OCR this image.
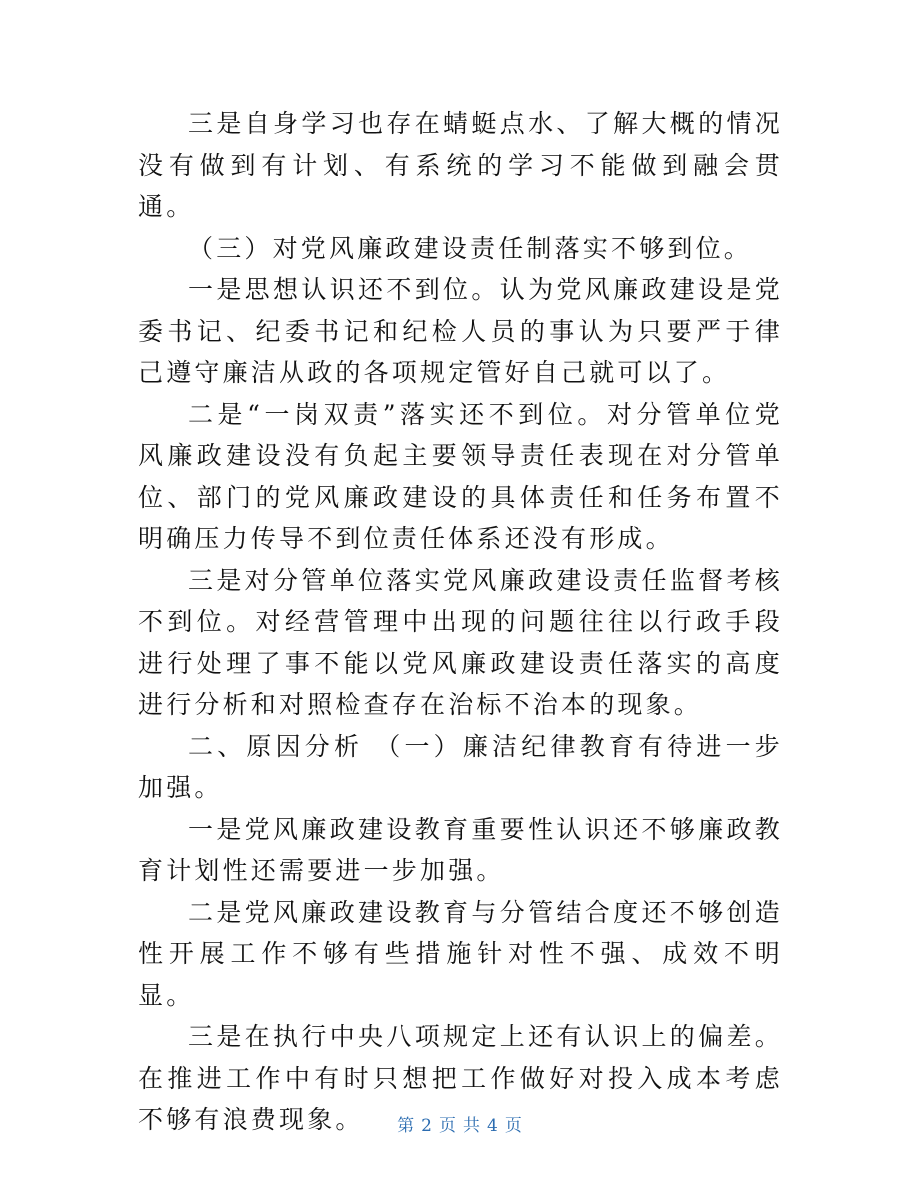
三是自身学习也存在蜻蜓点水、了解大概的情况没有做到有计划、有系统的学习不能做到融会贯通。

（三）对党风廉政建设责任制落实不够到位。

一是思想认识还不到位。认为党风廉政建设是党委书记、纪委书记和纪检人员的事认为只要严于律己遵守廉洁从政的各项规定管好自己就可以了。

二是“一岗双责”落实还不到位。对分管单位党风廉政建设没有负起主要领导责任表现在对分管单位、部门的党风廉政建设的具体责任和任务布置不明确压力传导不到位责任体系还没有形成。

三是对分管单位落实党风廉政建设责任监督考核不到位。对经营管理中出现的问题往往以行政手段进行处理了事不能以党风廉政建设责任落实的高度进行分析和对照检查存在治标不治本的现象。

二、原因分析 （一）廉洁纪律教育有待进一步加强。

一是党风廉政建设教育重要性认识还不够廉政教育计划性还需要进一步加强。

二是党风廉政建设教育与分管结合度还不够创造性开展工作不够有些措施针对性不强、成效不明显。

三是在执行中央八项规定上还有认识上的偏差。在推进工作中有时只想把工作做好对投入成本考虑不够有浪费现象。	第 2 页 共 4 页
